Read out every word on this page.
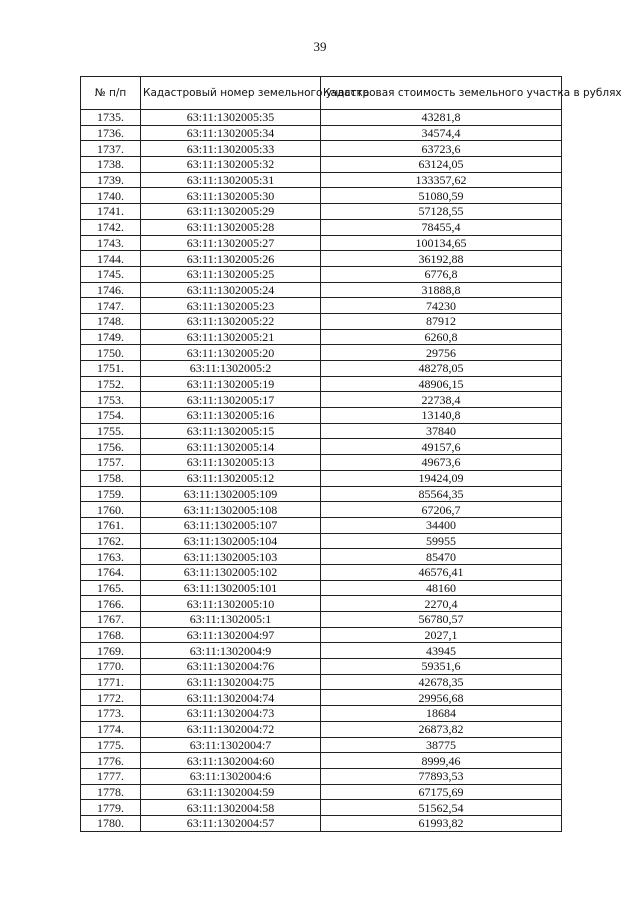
39
№ п/п	Кадастровый номер земельного участка	Кадастровая стоимость земельного участка в рублях
1735.	63:11:1302005:35	43281,8
1736.	63:11:1302005:34	34574,4
1737.	63:11:1302005:33	63723,6
1738.	63:11:1302005:32	63124,05
1739.	63:11:1302005:31	133357,62
1740.	63:11:1302005:30	51080,59
1741.	63:11:1302005:29	57128,55
1742.	63:11:1302005:28	78455,4
1743.	63:11:1302005:27	100134,65
1744.	63:11:1302005:26	36192,88
1745.	63:11:1302005:25	6776,8
1746.	63:11:1302005:24	31888,8
1747.	63:11:1302005:23	74230
1748.	63:11:1302005:22	87912
1749.	63:11:1302005:21	6260,8
1750.	63:11:1302005:20	29756
1751.	63:11:1302005:2	48278,05
1752.	63:11:1302005:19	48906,15
1753.	63:11:1302005:17	22738,4
1754.	63:11:1302005:16	13140,8
1755.	63:11:1302005:15	37840
1756.	63:11:1302005:14	49157,6
1757.	63:11:1302005:13	49673,6
1758.	63:11:1302005:12	19424,09
1759.	63:11:1302005:109	85564,35
1760.	63:11:1302005:108	67206,7
1761.	63:11:1302005:107	34400
1762.	63:11:1302005:104	59955
1763.	63:11:1302005:103	85470
1764.	63:11:1302005:102	46576,41
1765.	63:11:1302005:101	48160
1766.	63:11:1302005:10	2270,4
1767.	63:11:1302005:1	56780,57
1768.	63:11:1302004:97	2027,1
1769.	63:11:1302004:9	43945
1770.	63:11:1302004:76	59351,6
1771.	63:11:1302004:75	42678,35
1772.	63:11:1302004:74	29956,68
1773.	63:11:1302004:73	18684
1774.	63:11:1302004:72	26873,82
1775.	63:11:1302004:7	38775
1776.	63:11:1302004:60	8999,46
1777.	63:11:1302004:6	77893,53
1778.	63:11:1302004:59	67175,69
1779.	63:11:1302004:58	51562,54
1780.	63:11:1302004:57	61993,82
